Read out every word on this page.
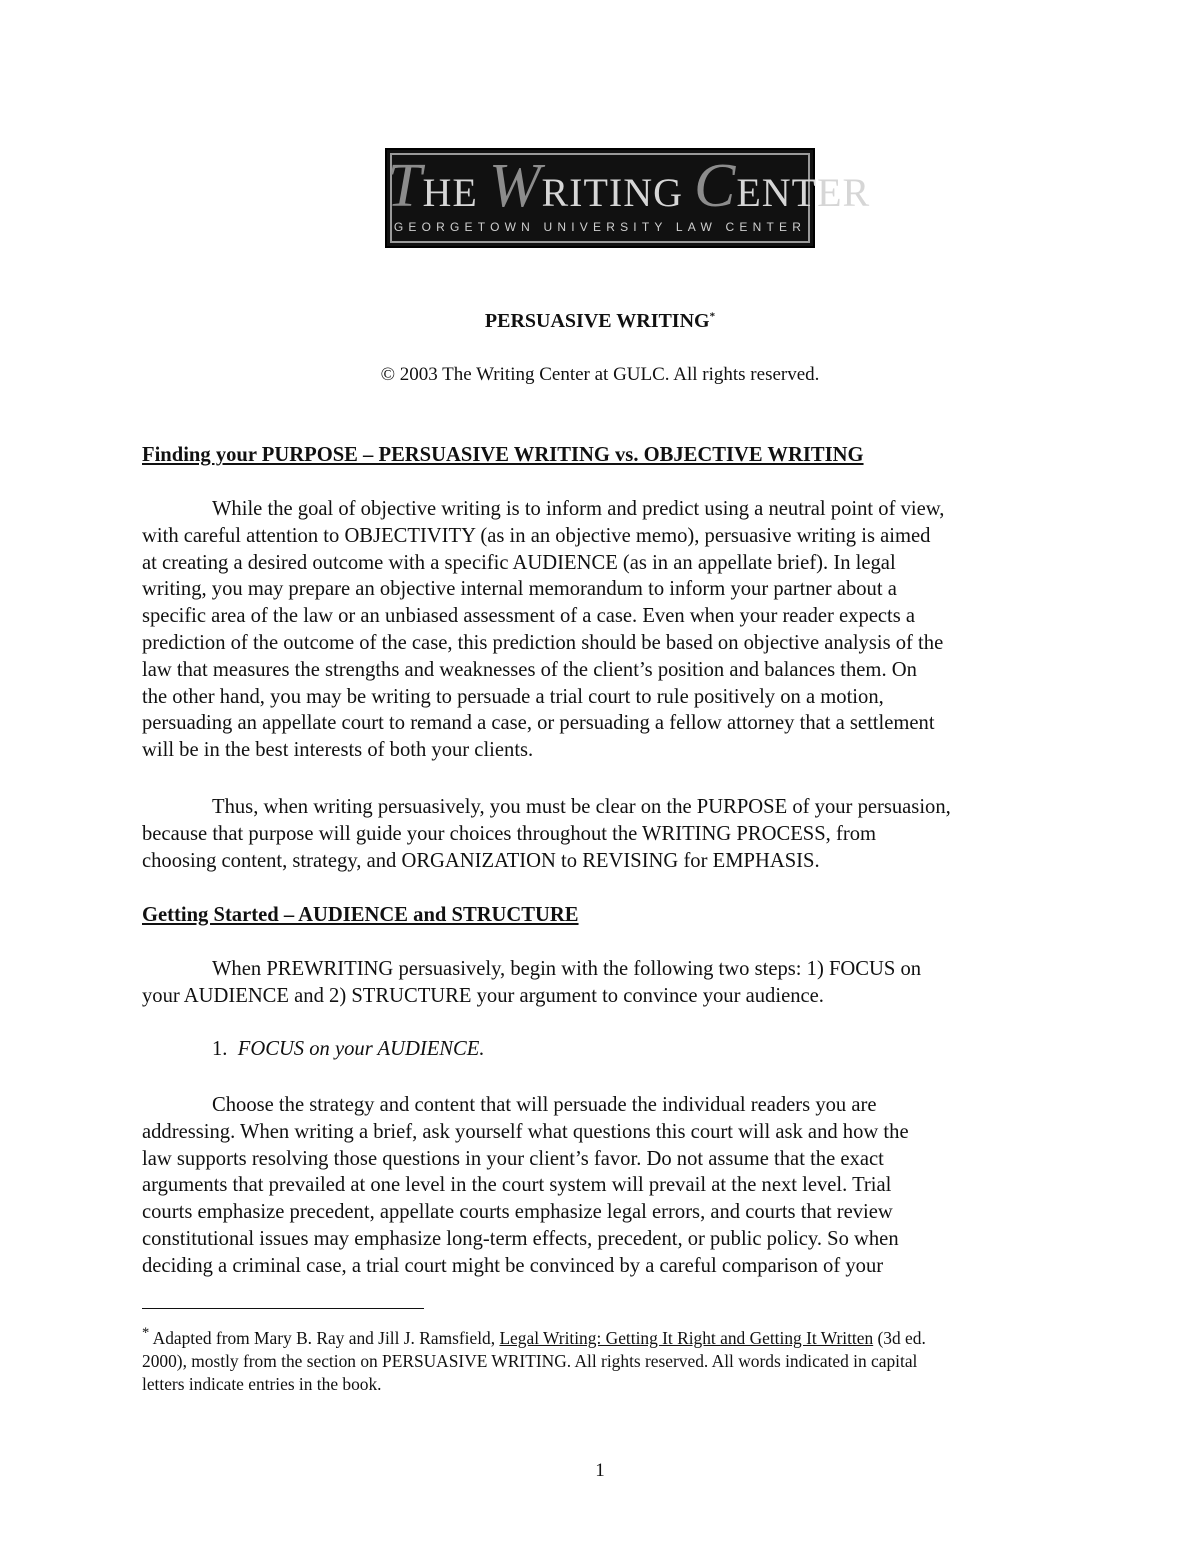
THE WRITING CENTER
GEORGETOWN UNIVERSITY LAW CENTER
PERSUASIVE WRITING*
© 2003 The Writing Center at GULC. All rights reserved.
Finding your PURPOSE – PERSUASIVE WRITING vs. OBJECTIVE WRITING
While the goal of objective writing is to inform and predict using a neutral point of view,
with careful attention to OBJECTIVITY (as in an objective memo), persuasive writing is aimed
at creating a desired outcome with a specific AUDIENCE (as in an appellate brief). In legal
writing, you may prepare an objective internal memorandum to inform your partner about a
specific area of the law or an unbiased assessment of a case. Even when your reader expects a
prediction of the outcome of the case, this prediction should be based on objective analysis of the
law that measures the strengths and weaknesses of the client’s position and balances them. On
the other hand, you may be writing to persuade a trial court to rule positively on a motion,
persuading an appellate court to remand a case, or persuading a fellow attorney that a settlement
will be in the best interests of both your clients.
Thus, when writing persuasively, you must be clear on the PURPOSE of your persuasion,
because that purpose will guide your choices throughout the WRITING PROCESS, from
choosing content, strategy, and ORGANIZATION to REVISING for EMPHASIS.
Getting Started – AUDIENCE and STRUCTURE
When PREWRITING persuasively, begin with the following two steps: 1) FOCUS on
your AUDIENCE and 2) STRUCTURE your argument to convince your audience.
1. FOCUS on your AUDIENCE.
Choose the strategy and content that will persuade the individual readers you are
addressing. When writing a brief, ask yourself what questions this court will ask and how the
law supports resolving those questions in your client’s favor. Do not assume that the exact
arguments that prevailed at one level in the court system will prevail at the next level. Trial
courts emphasize precedent, appellate courts emphasize legal errors, and courts that review
constitutional issues may emphasize long-term effects, precedent, or public policy. So when
deciding a criminal case, a trial court might be convinced by a careful comparison of your
* Adapted from Mary B. Ray and Jill J. Ramsfield, Legal Writing: Getting It Right and Getting It Written (3d ed.
2000), mostly from the section on PERSUASIVE WRITING. All rights reserved. All words indicated in capital
letters indicate entries in the book.
1
